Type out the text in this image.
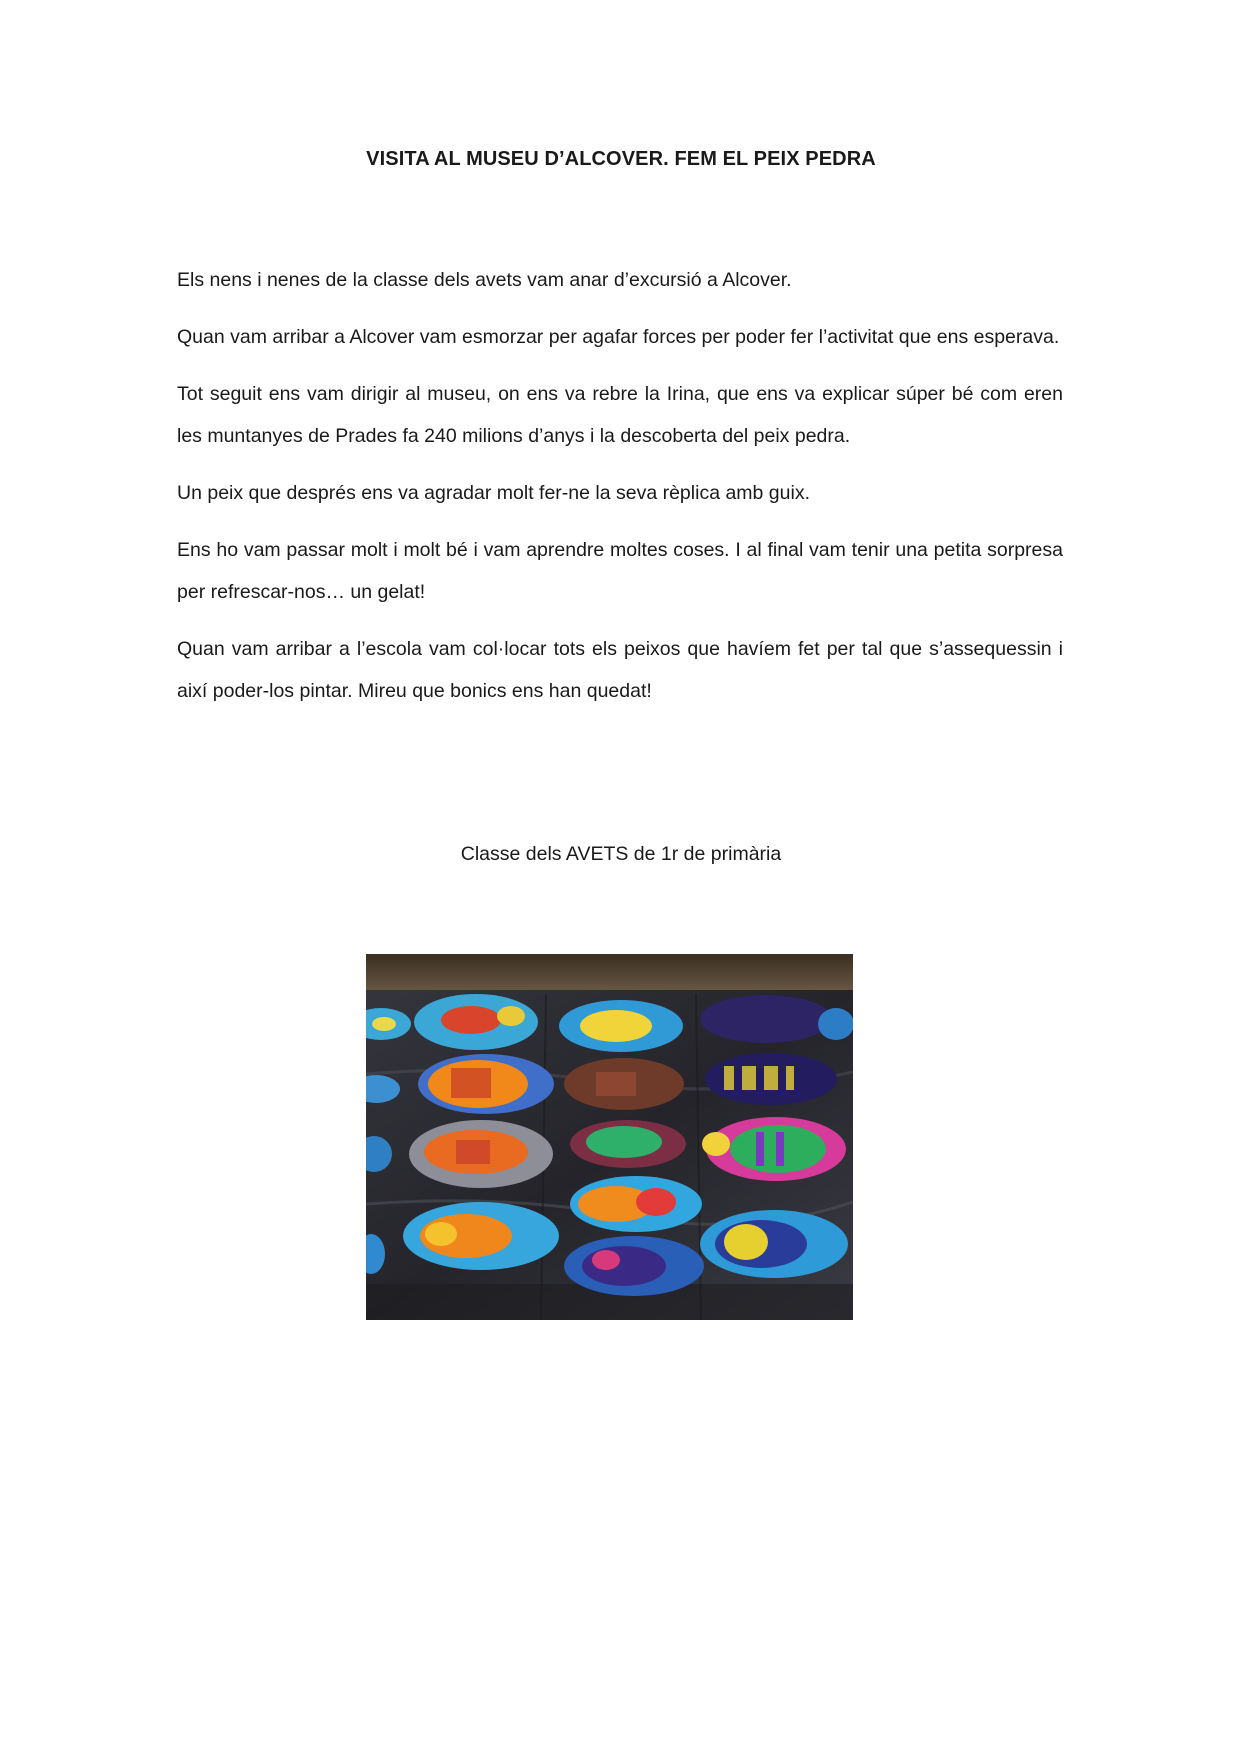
VISITA AL MUSEU D’ALCOVER. FEM EL PEIX PEDRA

Els nens i nenes de la classe dels avets vam anar d’excursió a Alcover.

Quan vam arribar a Alcover vam esmorzar per agafar forces per poder fer l’activitat que ens esperava.

Tot seguit ens vam dirigir al museu, on ens va rebre la Irina, que ens va explicar súper bé com eren les muntanyes de Prades fa 240 milions d’anys i la descoberta del peix pedra.

Un peix que després ens va agradar molt fer-ne la seva rèplica amb guix.

Ens ho vam passar molt i molt bé i vam aprendre moltes coses. I al final vam tenir una petita sorpresa per refrescar-nos… un gelat!

Quan vam arribar a l’escola vam col·locar tots els peixos que havíem fet per tal que s’assequessin i així poder-los pintar. Mireu que bonics ens han quedat!

Classe dels AVETS de 1r de primària
